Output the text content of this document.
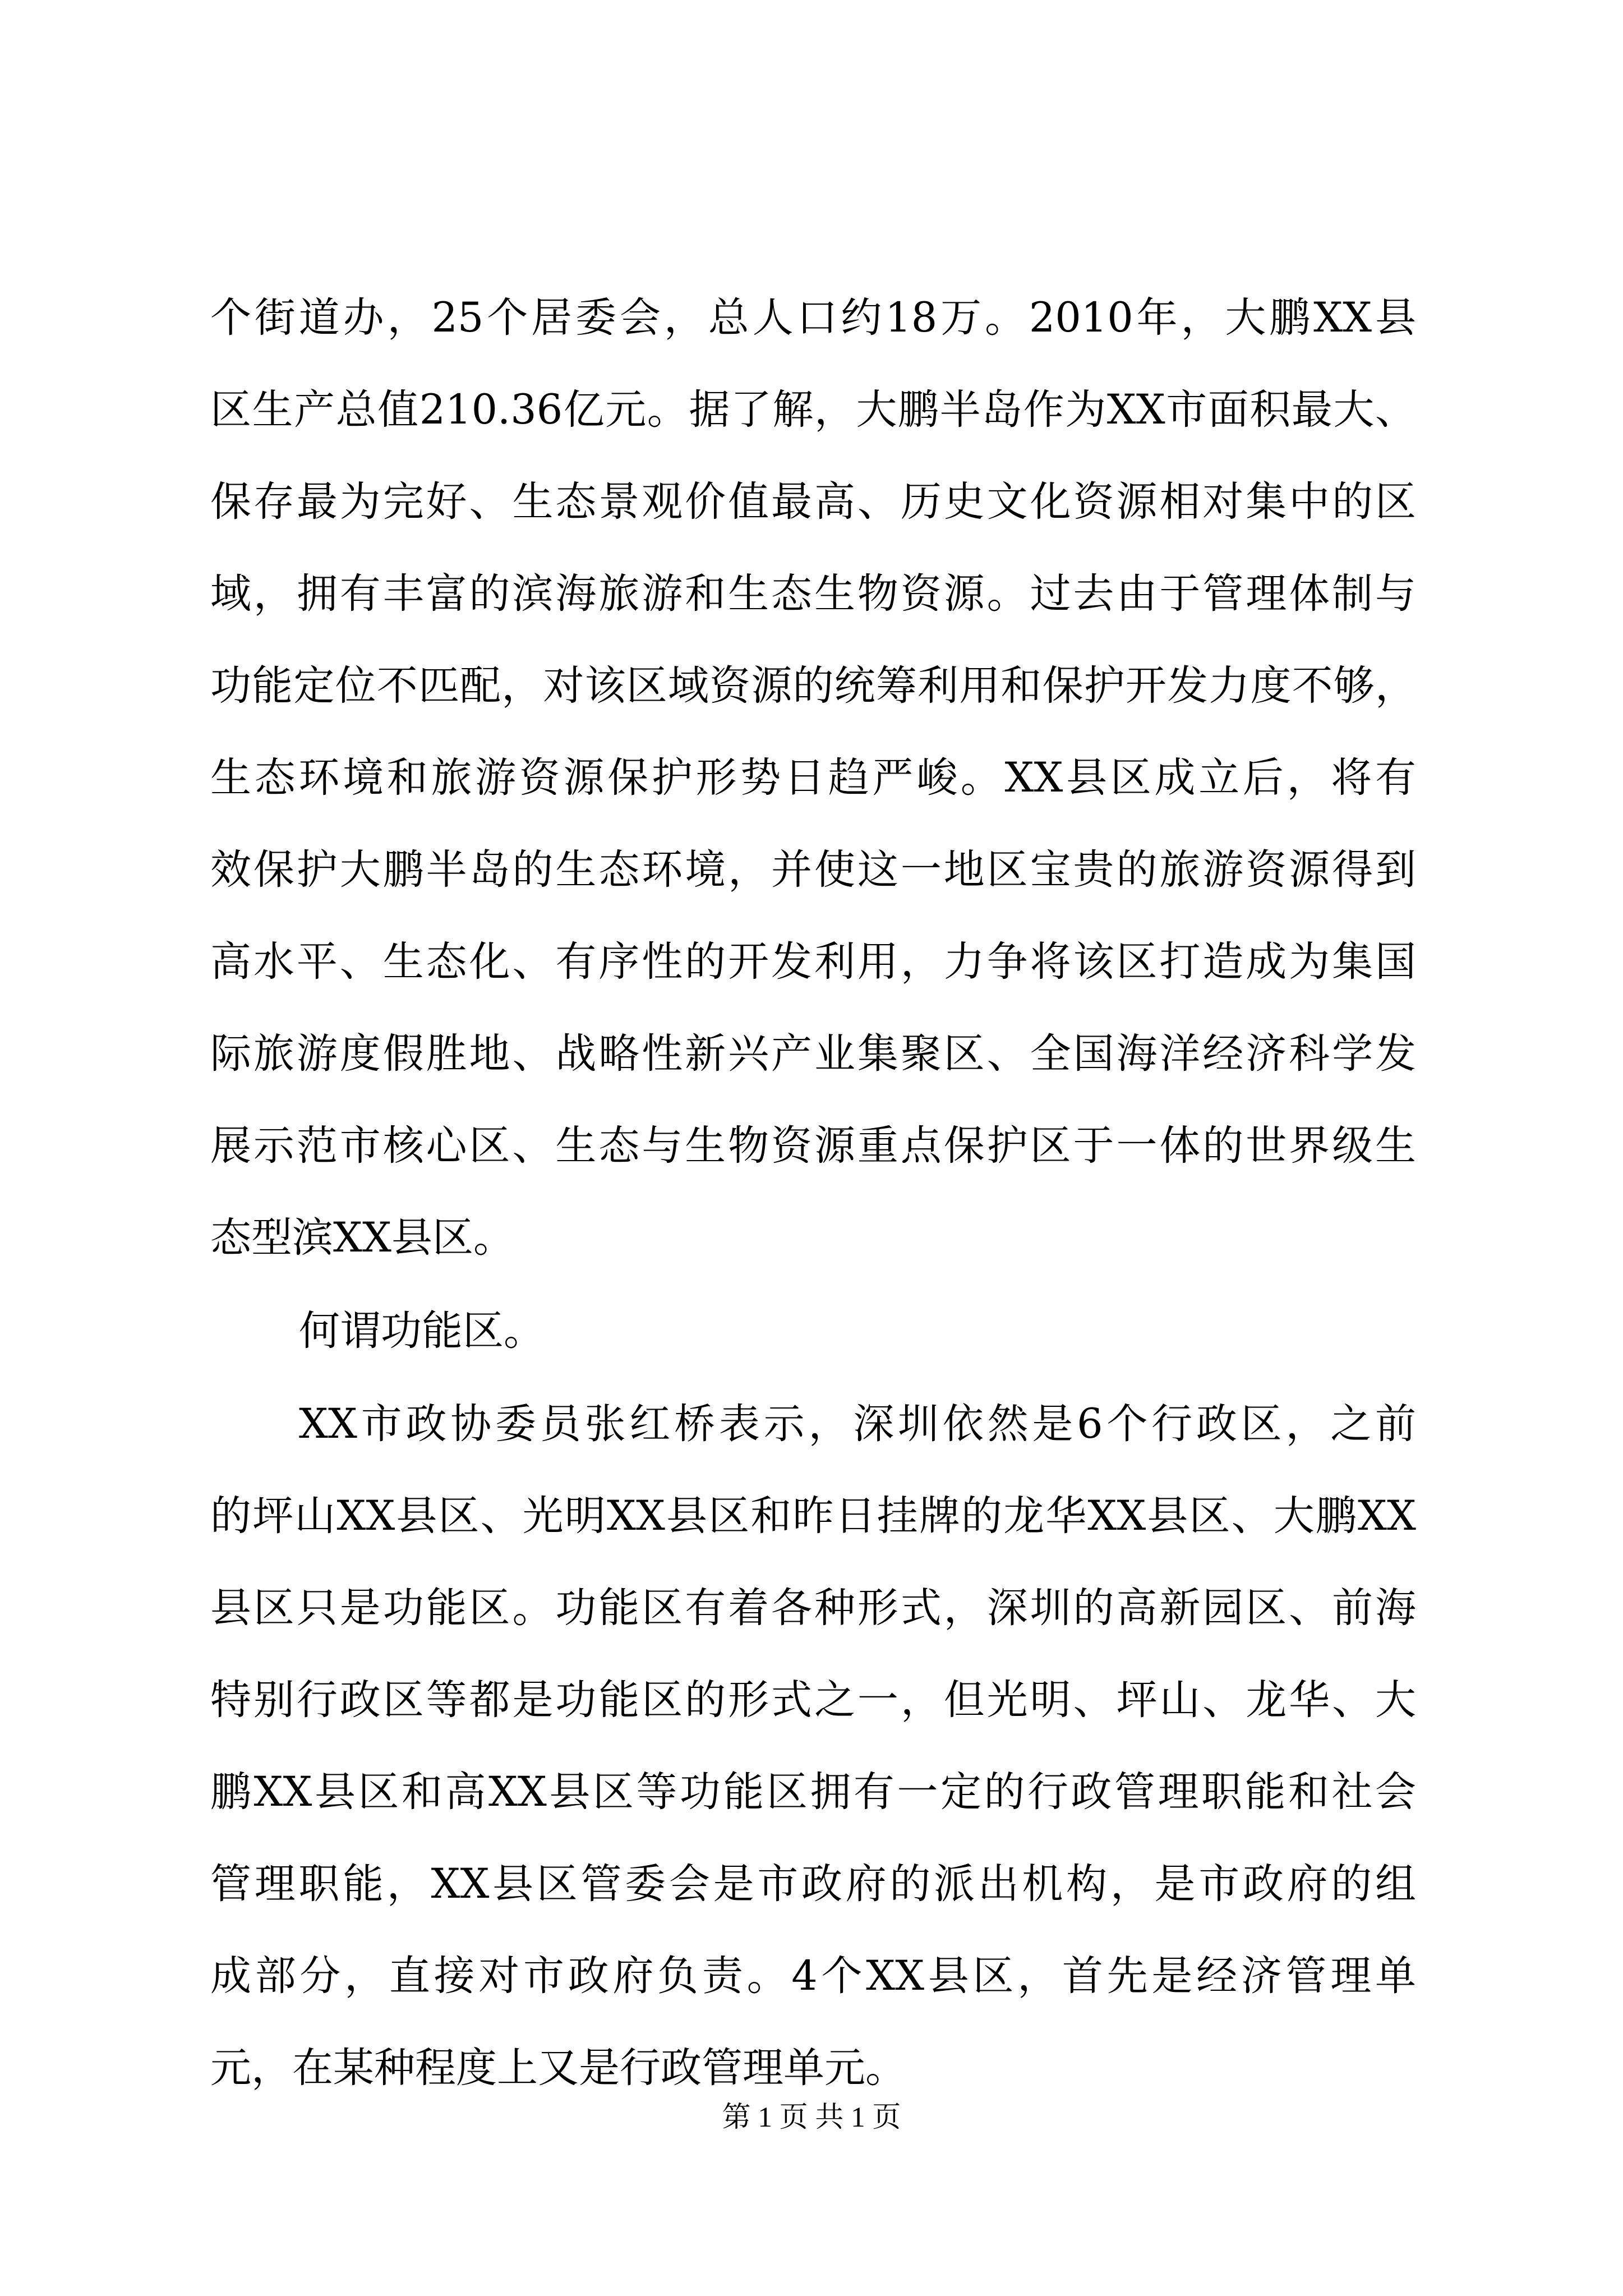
个街道办，25个居委会，总人口约18万。2010年，大鹏XX县
区生产总值210.36亿元。据了解，大鹏半岛作为XX市面积最大、
保存最为完好、生态景观价值最高、历史文化资源相对集中的区
域，拥有丰富的滨海旅游和生态生物资源。过去由于管理体制与
功能定位不匹配，对该区域资源的统筹利用和保护开发力度不够，
生态环境和旅游资源保护形势日趋严峻。XX县区成立后，将有
效保护大鹏半岛的生态环境，并使这一地区宝贵的旅游资源得到
高水平、生态化、有序性的开发利用，力争将该区打造成为集国
际旅游度假胜地、战略性新兴产业集聚区、全国海洋经济科学发
展示范市核心区、生态与生物资源重点保护区于一体的世界级生
态型滨XX县区。
何谓功能区。
XX市政协委员张红桥表示，深圳依然是6个行政区，之前
的坪山XX县区、光明XX县区和昨日挂牌的龙华XX县区、大鹏XX
县区只是功能区。功能区有着各种形式，深圳的高新园区、前海
特别行政区等都是功能区的形式之一，但光明、坪山、龙华、大
鹏XX县区和高XX县区等功能区拥有一定的行政管理职能和社会
管理职能，XX县区管委会是市政府的派出机构，是市政府的组
成部分，直接对市政府负责。4个XX县区，首先是经济管理单
元，在某种程度上又是行政管理单元。
第 1 页 共 1 页
